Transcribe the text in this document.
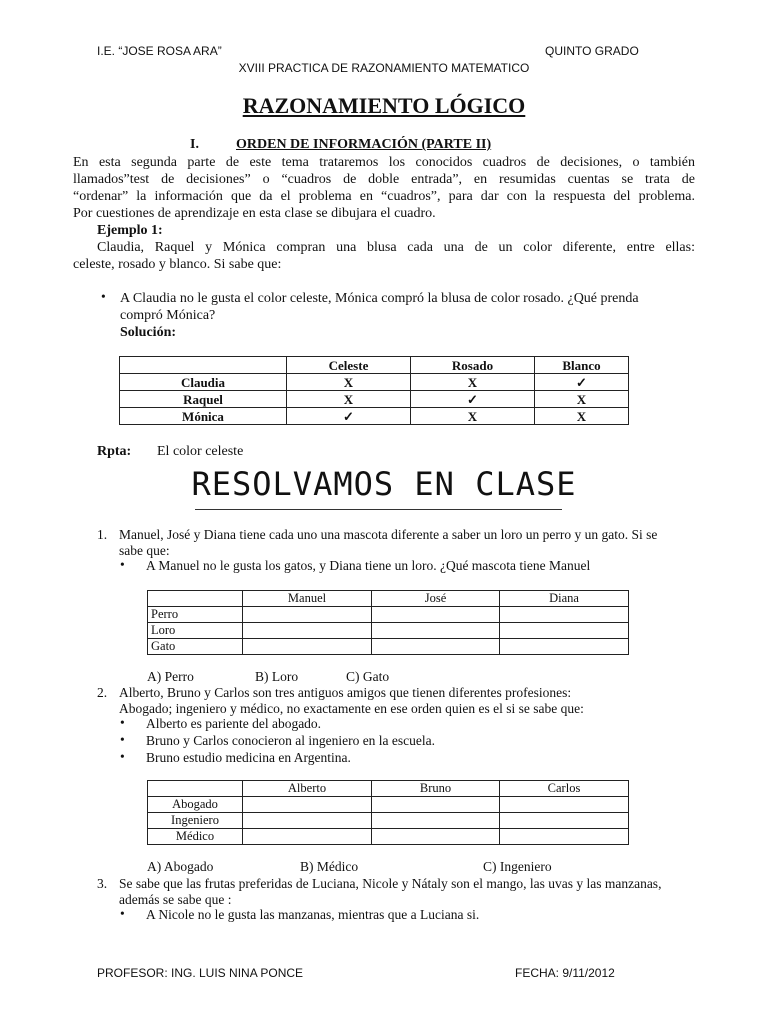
I.E. “JOSE ROSA ARA”	QUINTO GRADO
XVIII PRACTICA DE RAZONAMIENTO MATEMATICO
RAZONAMIENTO LÓGICO
I.	ORDEN DE INFORMACIÓN (PARTE II)
En esta segunda parte de este tema trataremos los conocidos cuadros de decisiones, o también
llamados”test de decisiones” o “cuadros de doble entrada”, en resumidas cuentas se trata de
“ordenar” la información que da el problema en “cuadros”, para dar con la respuesta del problema.
Por cuestiones de aprendizaje en esta clase se dibujara el cuadro.
Ejemplo 1:
Claudia, Raquel y Mónica compran una blusa cada una de un color diferente, entre ellas:
celeste, rosado y blanco. Si sabe que:
• A Claudia no le gusta el color celeste, Mónica compró la blusa de color rosado. ¿Qué prenda
compró Mónica?
Solución:
	Celeste	Rosado	Blanco
Claudia	X	X	✓
Raquel	X	✓	X
Mónica	✓	X	X
Rpta: El color celeste
RESOLVAMOS EN CLASE
1. Manuel, José y Diana tiene cada uno una mascota diferente a saber un loro un perro y un gato. Si se
sabe que:
• A Manuel no le gusta los gatos, y Diana tiene un loro. ¿Qué mascota tiene Manuel
	Manuel	José	Diana
Perro			
Loro			
Gato			
A) Perro	B) Loro	C) Gato
2. Alberto, Bruno y Carlos son tres antiguos amigos que tienen diferentes profesiones:
Abogado; ingeniero y médico, no exactamente en ese orden quien es el si se sabe que:
• Alberto es pariente del abogado.
• Bruno y Carlos conocieron al ingeniero en la escuela.
• Bruno estudio medicina en Argentina.
	Alberto	Bruno	Carlos
Abogado			
Ingeniero			
Médico			
A) Abogado	B) Médico	C) Ingeniero
3. Se sabe que las frutas preferidas de Luciana, Nicole y Nátaly son el mango, las uvas y las manzanas,
además se sabe que :
• A Nicole no le gusta las manzanas, mientras que a Luciana si.
PROFESOR: ING. LUIS NINA PONCE	FECHA: 9/11/2012
